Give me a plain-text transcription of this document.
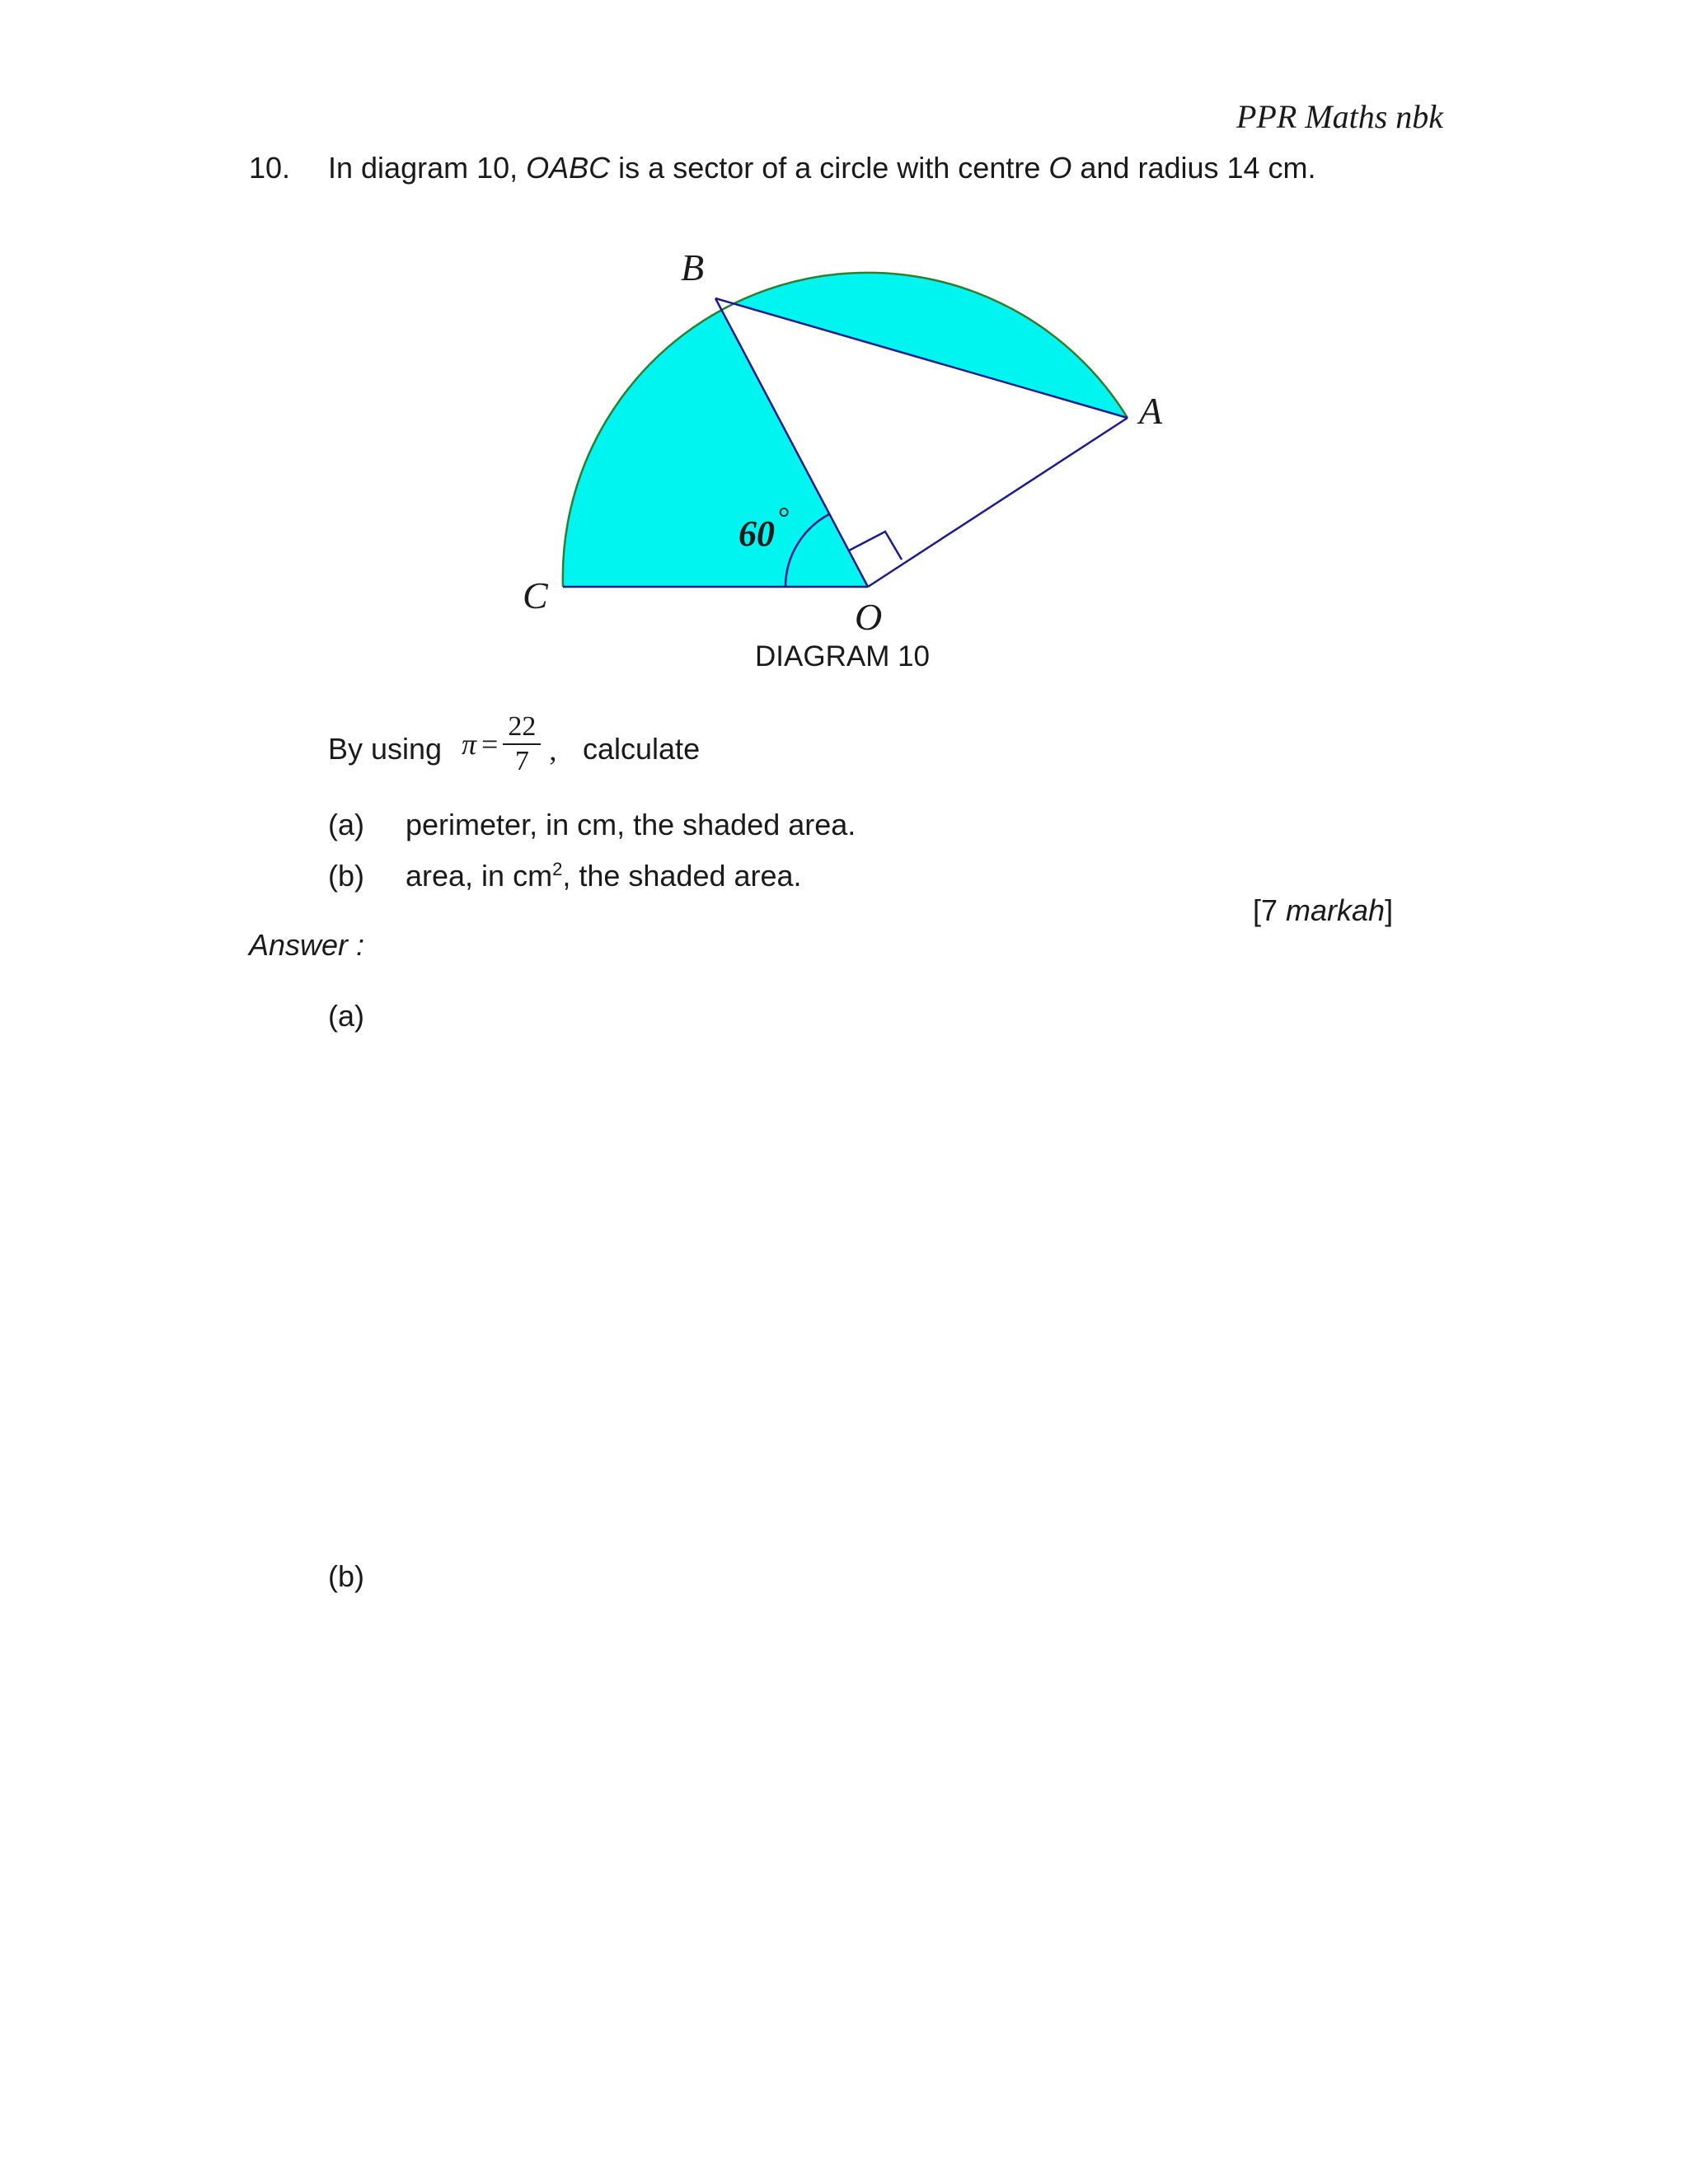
PPR Maths nbk
10. In diagram 10, OABC is a sector of a circle with centre O and radius 14 cm.
B
A
C
O
60 °
DIAGRAM 10
By using $\pi = \frac{22}{7}$ , calculate
(a) perimeter, in cm, the shaded area.
(b) area, in $cm^2$, the shaded area.
[7 markah]
Answer :
(a)
(b)
